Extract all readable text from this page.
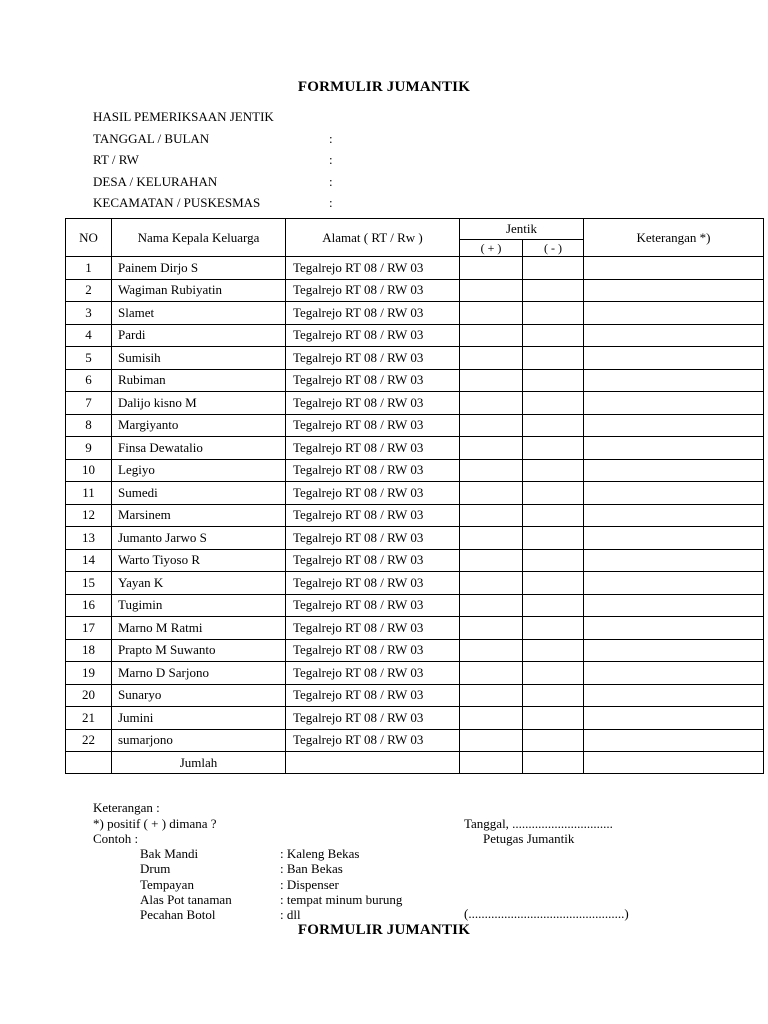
FORMULIR JUMANTIK
HASIL PEMERIKSAAN JENTIK
TANGGAL / BULAN	:
RT / RW	:
DESA / KELURAHAN	:
KECAMATAN / PUSKESMAS	:
NO	Nama Kepala Keluarga	Alamat ( RT / Rw )	Jentik		Keterangan *)
			( + )	( - )	
1	Painem Dirjo S	Tegalrejo RT 08 / RW 03			
2	Wagiman Rubiyatin	Tegalrejo RT 08 / RW 03			
3	Slamet	Tegalrejo RT 08 / RW 03			
4	Pardi	Tegalrejo RT 08 / RW 03			
5	Sumisih	Tegalrejo RT 08 / RW 03			
6	Rubiman	Tegalrejo RT 08 / RW 03			
7	Dalijo kisno M	Tegalrejo RT 08 / RW 03			
8	Margiyanto	Tegalrejo RT 08 / RW 03			
9	Finsa Dewatalio	Tegalrejo RT 08 / RW 03			
10	Legiyo	Tegalrejo RT 08 / RW 03			
11	Sumedi	Tegalrejo RT 08 / RW 03			
12	Marsinem	Tegalrejo RT 08 / RW 03			
13	Jumanto Jarwo S	Tegalrejo RT 08 / RW 03			
14	Warto Tiyoso R	Tegalrejo RT 08 / RW 03			
15	Yayan K	Tegalrejo RT 08 / RW 03			
16	Tugimin	Tegalrejo RT 08 / RW 03			
17	Marno M Ratmi	Tegalrejo RT 08 / RW 03			
18	Prapto M Suwanto	Tegalrejo RT 08 / RW 03			
19	Marno D Sarjono	Tegalrejo RT 08 / RW 03			
20	Sunaryo	Tegalrejo RT 08 / RW 03			
21	Jumini	Tegalrejo RT 08 / RW 03			
22	sumarjono	Tegalrejo RT 08 / RW 03			
	Jumlah				
Keterangan :
*) positif ( + ) dimana ?
Contoh :
Bak Mandi	: Kaleng Bekas
Drum	: Ban Bekas
Tempayan	: Dispenser
Alas Pot tanaman	: tempat minum burung
Pecahan Botol	: dll
Tanggal, ...............................
Petugas Jumantik
(................................................)
FORMULIR JUMANTIK
